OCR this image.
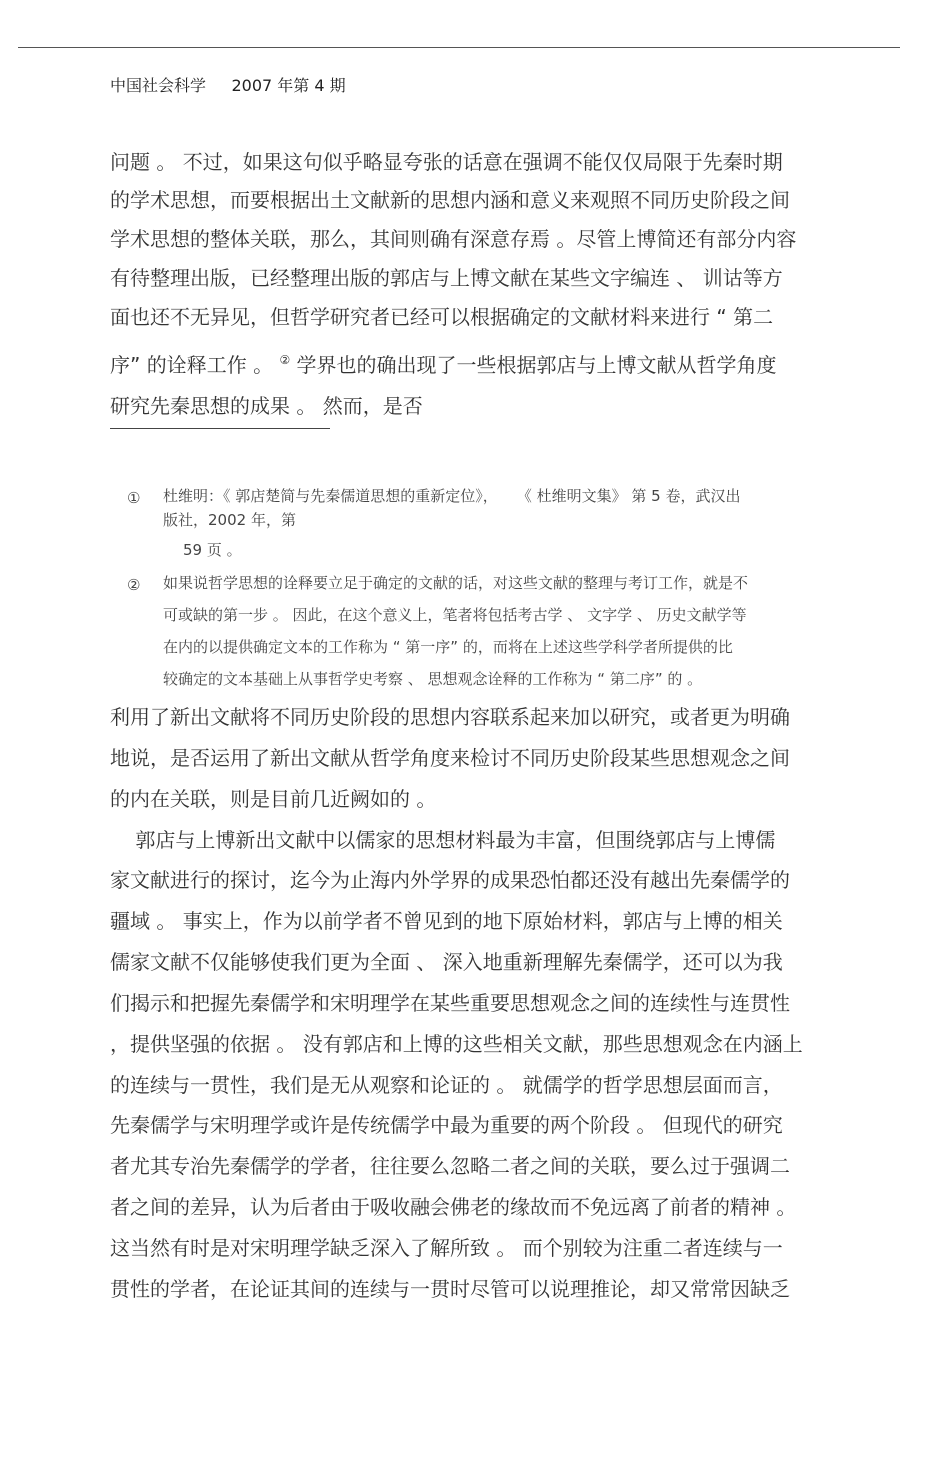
中国社会科学 2007 年第 4 期
问题 。 不过，如果这句似乎略显夸张的话意在强调不能仅仅局限于先秦时期
的学术思想，而要根据出土文献新的思想内涵和意义来观照不同历史阶段之间
学术思想的整体关联，那么，其间则确有深意存焉 。尽管上博简还有部分内容
有待整理出版，已经整理出版的郭店与上博文献在某些文字编连 、 训诂等方
面也还不无异见，但哲学研究者已经可以根据确定的文献材料来进行 “ 第二
序” 的诠释工作 。 ② 学界也的确出现了一些根据郭店与上博文献从哲学角度
研究先秦思想的成果 。 然而，是否
① 杜维明：《 郭店楚简与先秦儒道思想的重新定位》，    《 杜维明文集》 第 5 卷，武汉出
版社，2002 年，第
59 页 。
② 如果说哲学思想的诠释要立足于确定的文献的话，对这些文献的整理与考订工作，就是不
可或缺的第一步 。 因此，在这个意义上，笔者将包括考古学 、 文字学 、 历史文献学等
在内的以提供确定文本的工作称为 “ 第一序” 的，而将在上述这些学科学者所提供的比
较确定的文本基础上从事哲学史考察 、 思想观念诠释的工作称为 “ 第二序” 的 。
利用了新出文献将不同历史阶段的思想内容联系起来加以研究，或者更为明确
地说，是否运用了新出文献从哲学角度来检讨不同历史阶段某些思想观念之间
的内在关联，则是目前几近阙如的 。
郭店与上博新出文献中以儒家的思想材料最为丰富，但围绕郭店与上博儒
家文献进行的探讨，迄今为止海内外学界的成果恐怕都还没有越出先秦儒学的
疆域 。 事实上，作为以前学者不曾见到的地下原始材料，郭店与上博的相关
儒家文献不仅能够使我们更为全面 、 深入地重新理解先秦儒学，还可以为我
们揭示和把握先秦儒学和宋明理学在某些重要思想观念之间的连续性与连贯性
，提供坚强的依据 。 没有郭店和上博的这些相关文献，那些思想观念在内涵上
的连续与一贯性，我们是无从观察和论证的 。 就儒学的哲学思想层面而言，
先秦儒学与宋明理学或许是传统儒学中最为重要的两个阶段 。 但现代的研究
者尤其专治先秦儒学的学者，往往要么忽略二者之间的关联，要么过于强调二
者之间的差异，认为后者由于吸收融会佛老的缘故而不免远离了前者的精神 。
这当然有时是对宋明理学缺乏深入了解所致 。 而个别较为注重二者连续与一
贯性的学者，在论证其间的连续与一贯时尽管可以说理推论，却又常常因缺乏
